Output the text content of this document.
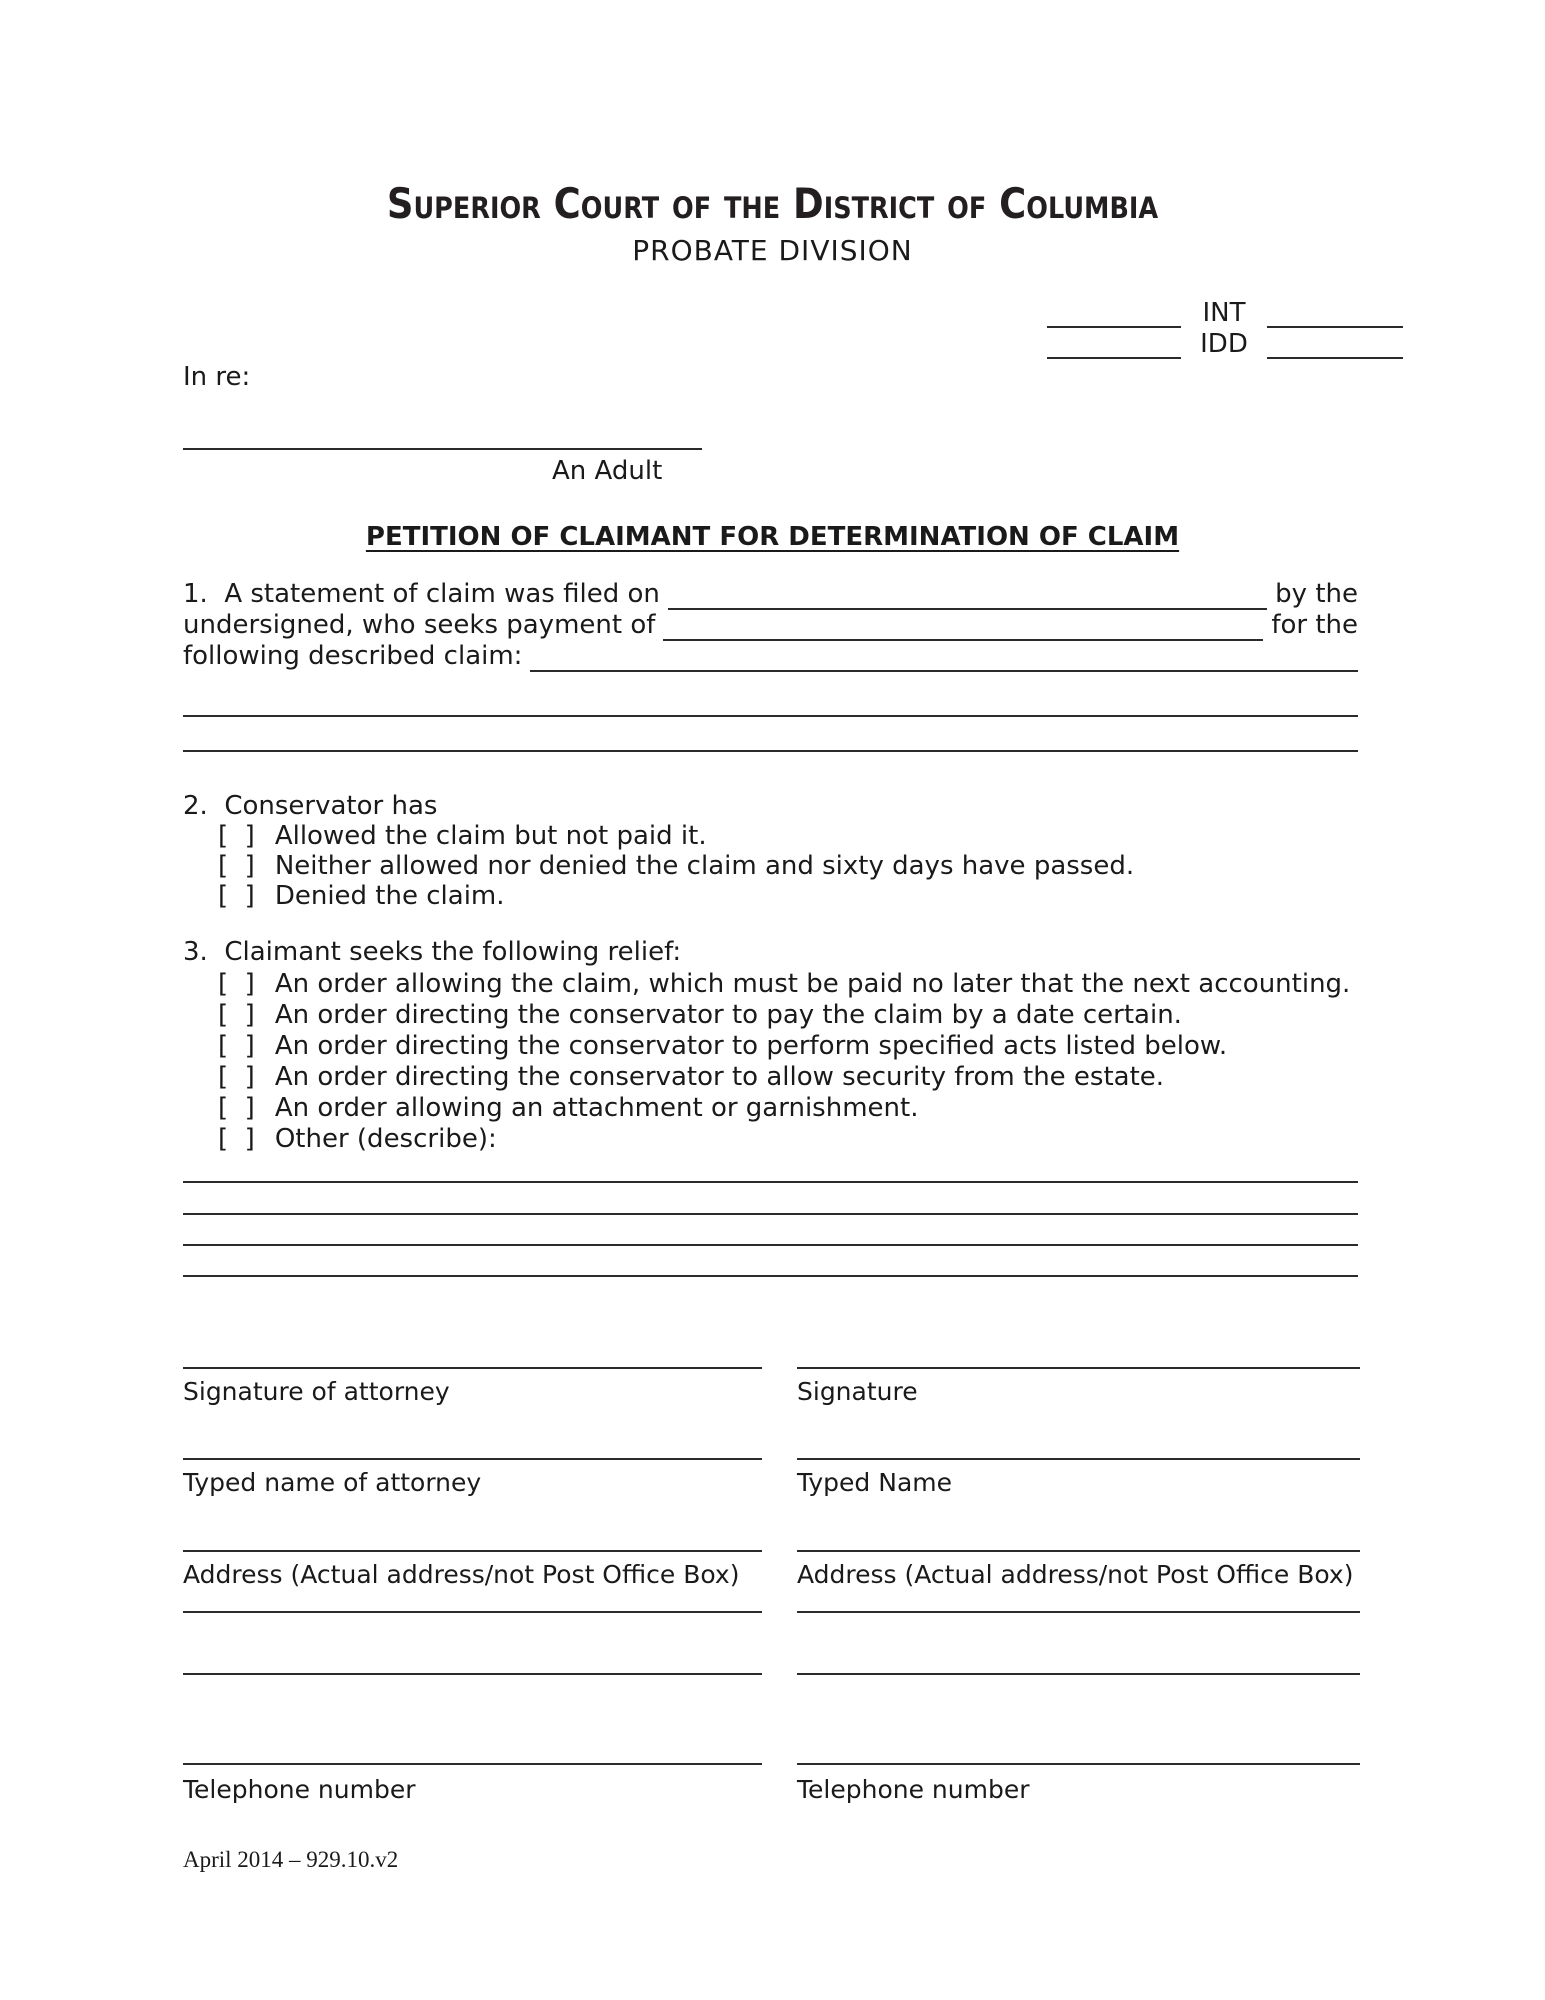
Superior Court of the District of Columbia
PROBATE DIVISION
INT
IDD
In re:
An Adult
PETITION OF CLAIMANT FOR DETERMINATION OF CLAIM
1.  A statement of claim was filed on	by the
undersigned, who seeks payment of	for the
following described claim:
2.  Conservator has
[  ] Allowed the claim but not paid it.
[  ] Neither allowed nor denied the claim and sixty days have passed.
[  ] Denied the claim.
3.  Claimant seeks the following relief:
[  ] An order allowing the claim, which must be paid no later that the next accounting.
[  ] An order directing the conservator to pay the claim by a date certain.
[  ] An order directing the conservator to perform specified acts listed below.
[  ] An order directing the conservator to allow security from the estate.
[  ] An order allowing an attachment or garnishment.
[  ] Other (describe):
Signature of attorney	Signature
Typed name of attorney	Typed Name
Address (Actual address/not Post Office Box)	Address (Actual address/not Post Office Box)
Telephone number	Telephone number
April 2014 – 929.10.v2
